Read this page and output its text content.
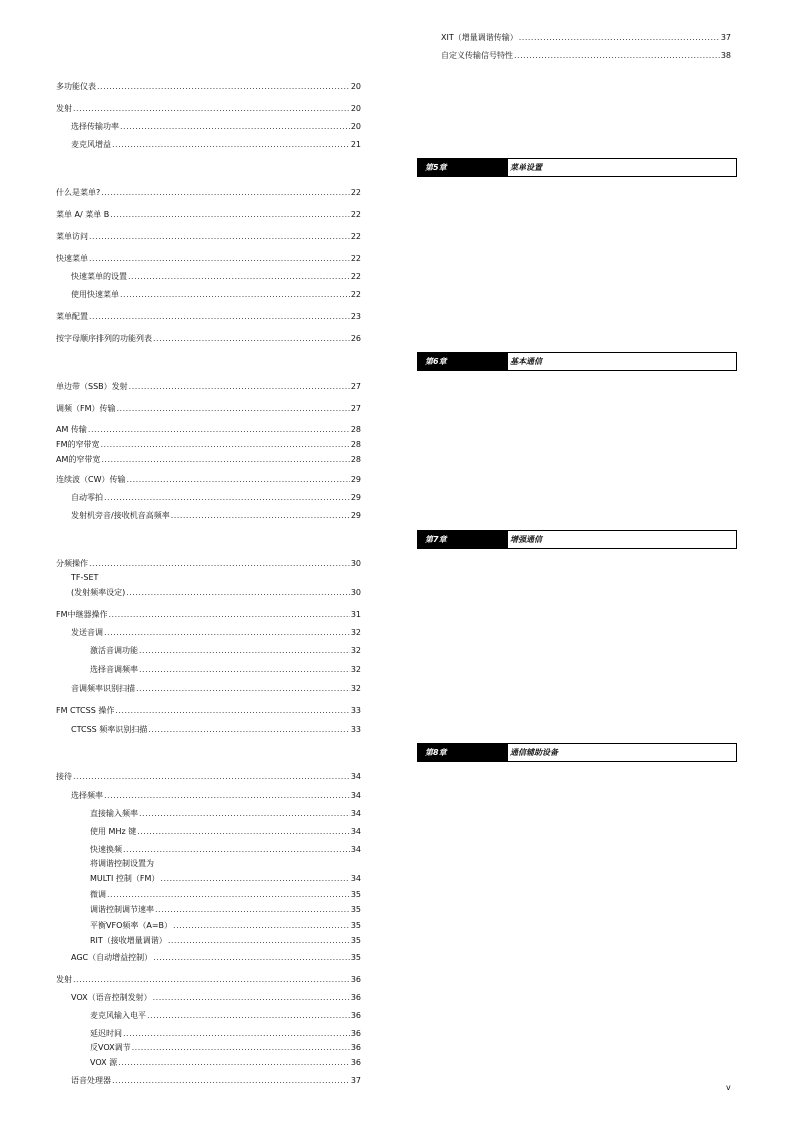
多功能仪表 .....	20
发射 .....	20
选择传输功率 .....	20
麦克风增益 .....	21
什么是菜单? .....	22
菜单 A/ 菜单 B .....	22
菜单访问 .....	22
快速菜单 .....	22
快速菜单的设置 .....	22
使用快速菜单 .....	22
菜单配置 .....	23
按字母顺序排列的功能列表 .....	26
单边带（SSB）发射 .....	27
调频（FM）传输 .....	27
AM 传输 .....	28
FM的窄带宽 .....	28
AM的窄带宽 .....	28
连续波（CW）传输 .....	29
自动零拍 .....	29
发射机旁音/接收机音高频率 .....	29
分频操作 .....	30
TF-SET
(发射频率设定) .....	30
FM中继器操作 .....	31
发送音调 .....	32
激活音调功能 .....	32
选择音调频率 .....	32
音调频率识别扫描 .....	32
FM CTCSS 操作 .....	33
CTCSS 频率识别扫描 .....	33
接待 .....	34
选择频率 .....	34
直接输入频率 .....	34
使用 MHz 键 .....	34
快速换频 .....	34
将调谐控制设置为
MULTI 控制（FM） .....	34
微调 .....	35
调谐控制调节速率 .....	35
平衡VFO频率（A=B） .....	35
RIT（接收增量调谐） .....	35
AGC（自动增益控制） .....	35
发射 .....	36
VOX（语音控制发射） .....	36
麦克风输入电平 .....	36
延迟时间 .....	36
反VOX调节 .....	36
VOX 源 .....	36
语音处理器 .....	37
XIT（增量调谐传输） .....	37
自定义传输信号特性 .....	38
第5章	菜单设置
第6章	基本通信
第7章	增强通信
第8章	通信辅助设备
v
